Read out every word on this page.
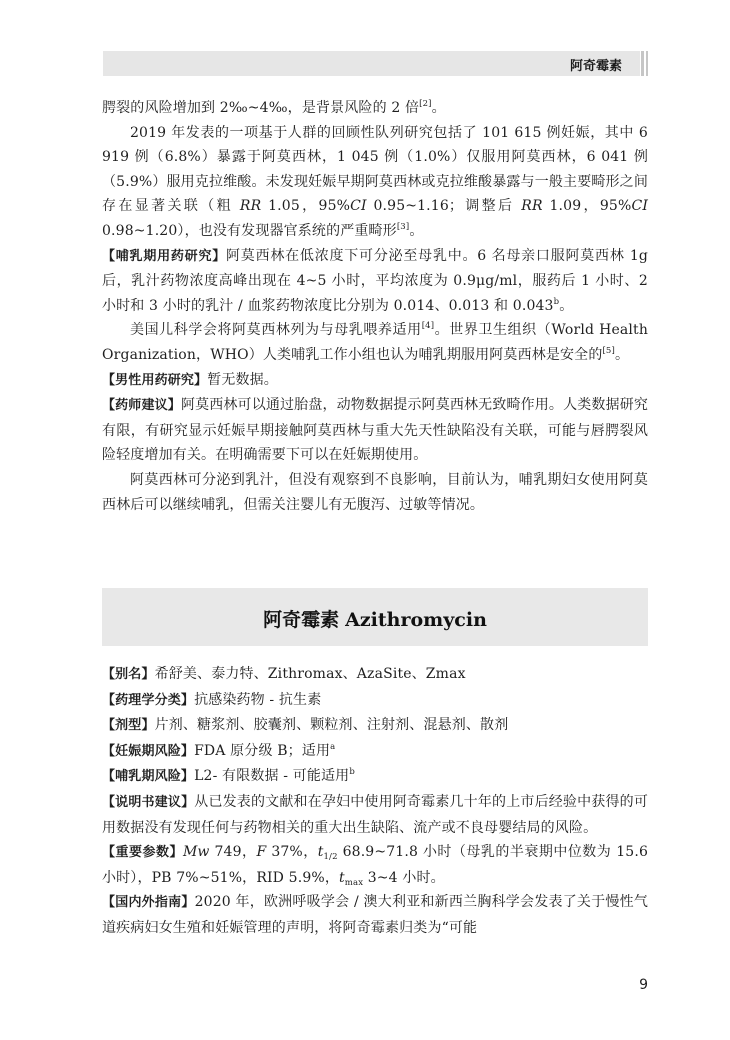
阿奇霉素

腭裂的风险增加到 2‰~4‰，是背景风险的 2 倍[2]。

2019 年发表的一项基于人群的回顾性队列研究包括了 101 615 例妊娠，其中 6 919 例（6.8%）暴露于阿莫西林，1 045 例（1.0%）仅服用阿莫西林，6 041 例（5.9%）服用克拉维酸。未发现妊娠早期阿莫西林或克拉维酸暴露与一般主要畸形之间存在显著关联（粗 RR 1.05，95%CI 0.95~1.16；调整后 RR 1.09，95%CI 0.98~1.20），也没有发现器官系统的严重畸形[3]。

【哺乳期用药研究】阿莫西林在低浓度下可分泌至母乳中。6 名母亲口服阿莫西林 1g 后，乳汁药物浓度高峰出现在 4~5 小时，平均浓度为 0.9μg/ml，服药后 1 小时、2 小时和 3 小时的乳汁 / 血浆药物浓度比分别为 0.014、0.013 和 0.043$^b$。

美国儿科学会将阿莫西林列为与母乳喂养适用[4]。世界卫生组织（World Health Organization，WHO）人类哺乳工作小组也认为哺乳期服用阿莫西林是安全的[5]。

【男性用药研究】暂无数据。

【药师建议】阿莫西林可以通过胎盘，动物数据提示阿莫西林无致畸作用。人类数据研究有限，有研究显示妊娠早期接触阿莫西林与重大先天性缺陷没有关联，可能与唇腭裂风险轻度增加有关。在明确需要下可以在妊娠期使用。

阿莫西林可分泌到乳汁，但没有观察到不良影响，目前认为，哺乳期妇女使用阿莫西林后可以继续哺乳，但需关注婴儿有无腹泻、过敏等情况。

阿奇霉素 Azithromycin

【别名】希舒美、泰力特、Zithromax、AzaSite、Zmax

【药理学分类】抗感染药物 - 抗生素

【剂型】片剂、糖浆剂、胶囊剂、颗粒剂、注射剂、混悬剂、散剂

【妊娠期风险】FDA 原分级 B；适用$^a$

【哺乳期风险】L2- 有限数据 - 可能适用$^b$

【说明书建议】从已发表的文献和在孕妇中使用阿奇霉素几十年的上市后经验中获得的可用数据没有发现任何与药物相关的重大出生缺陷、流产或不良母婴结局的风险。

【重要参数】Mw 749，F 37%，$t_{1/2}$ 68.9~71.8 小时（母乳的半衰期中位数为 15.6 小时），PB 7%~51%，RID 5.9%，$t_{max}$ 3~4 小时。

【国内外指南】2020 年，欧洲呼吸学会 / 澳大利亚和新西兰胸科学会发表了关于慢性气道疾病妇女生殖和妊娠管理的声明，将阿奇霉素归类为“可能

9
